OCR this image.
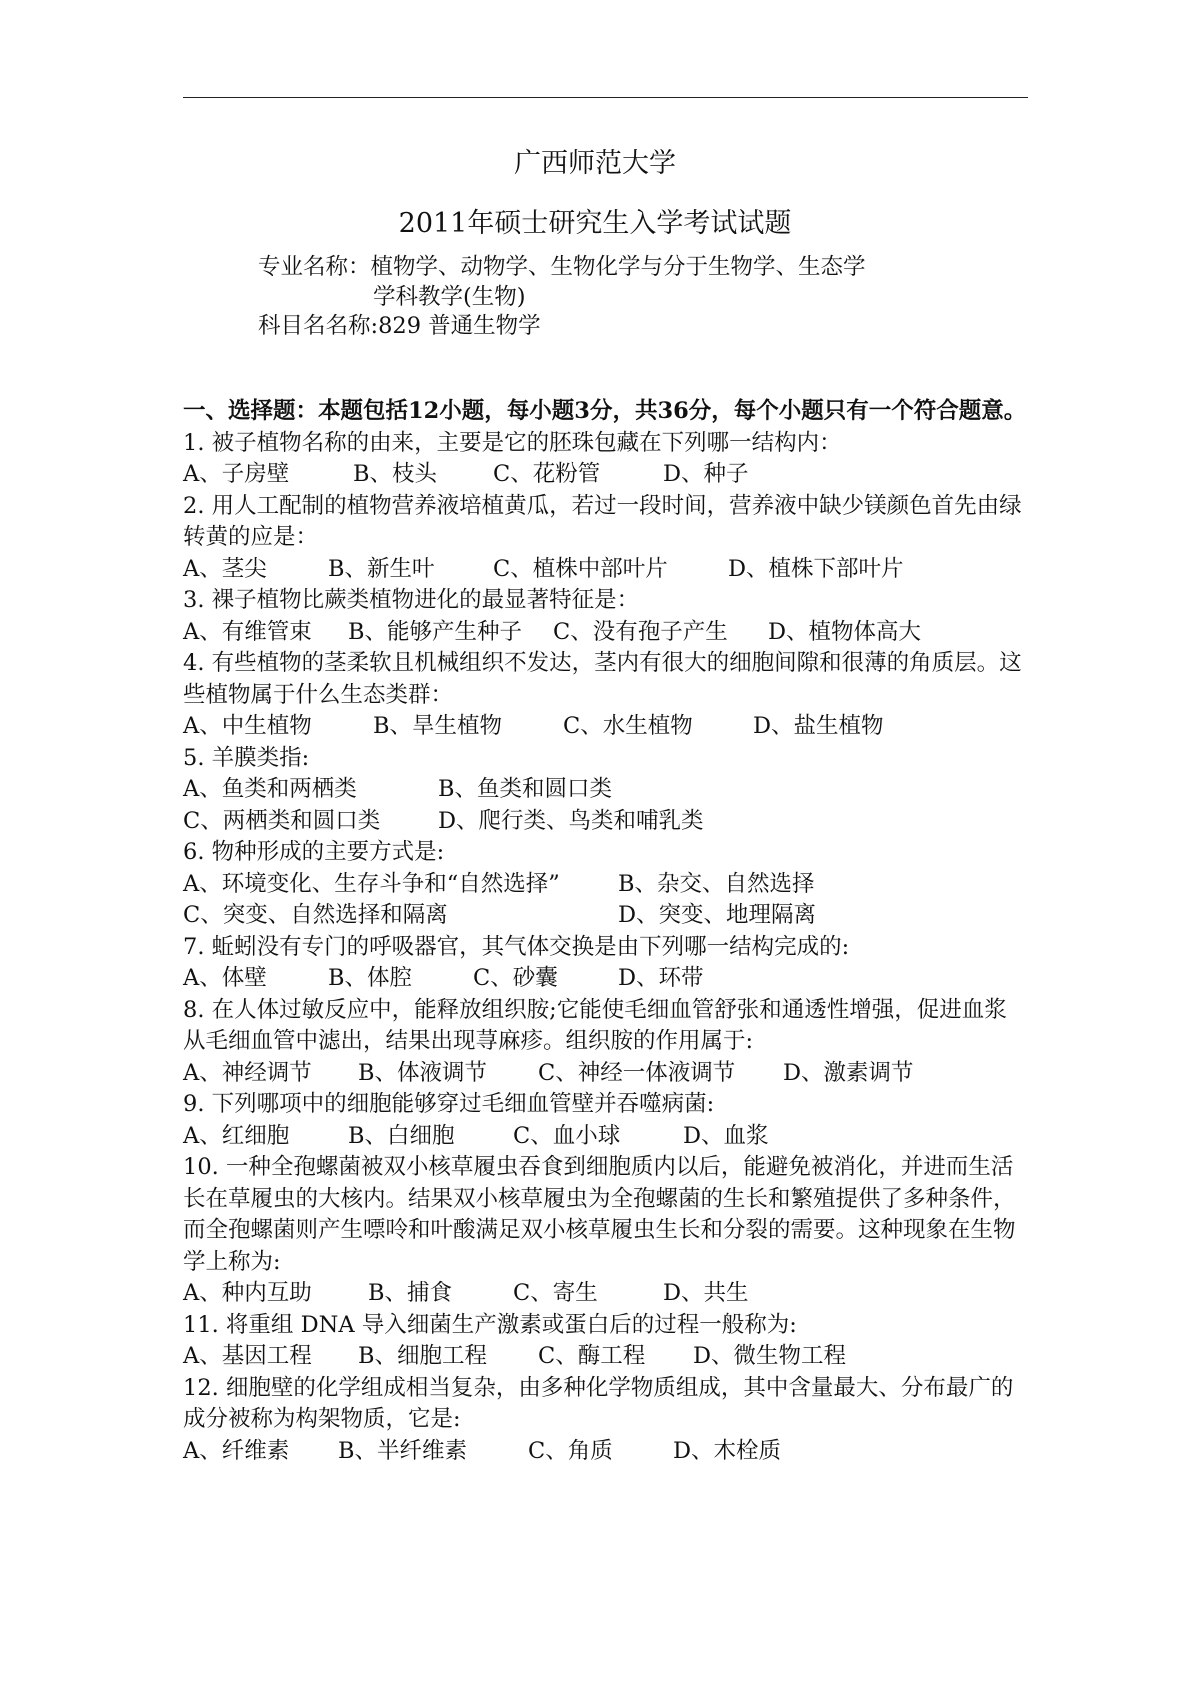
广西师范大学
2011年硕士研究生入学考试试题
专业名称：植物学、动物学、生物化学与分于生物学、生态学
学科教学(生物)
科目名名称:829 普通生物学
一、选择题：本题包括12小题，每小题3分，共36分，每个小题只有一个符合题意。
1. 被子植物名称的由来，主要是它的胚珠包藏在下列哪一结构内：
A、子房壁	B、枝头 C、花粉管	D、种子
2. 用人工配制的植物营养液培植黄瓜，若过一段时间，营养液中缺少镁颜色首先由绿转黄的应是：
A、茎尖	B、新生叶	C、植株中部叶片	D、植株下部叶片
3. 裸子植物比蕨类植物进化的最显著特征是：
A、有维管束 B、能够产生种子 C、没有孢子产生 D、植物体高大
4. 有些植物的茎柔软且机械组织不发达，茎内有很大的细胞间隙和很薄的角质层。这些植物属于什么生态类群：
A、中生植物	B、旱生植物	C、水生植物	D、盐生植物
5. 羊膜类指:
A、鱼类和两栖类	B、鱼类和圆口类
C、两栖类和圆口类	D、爬行类、鸟类和哺乳类
6. 物种形成的主要方式是:
A、环境变化、生存斗争和“自然选择”	B、杂交、自然选择
C、突变、自然选择和隔离	D、突变、地理隔离
7. 蚯蚓没有专门的呼吸器官，其气体交换是由下列哪一结构完成的:
A、体壁	B、体腔	C、砂囊	D、环带
8. 在人体过敏反应中，能释放组织胺;它能使毛细血管舒张和通透性增强，促进血浆从毛细血管中滤出，结果出现荨麻疹。组织胺的作用属于:
A、神经调节 B、体液调节 C、神经一体液调节 D、激素调节
9. 下列哪项中的细胞能够穿过毛细血管壁并吞噬病菌:
A、红细胞	B、白细胞	C、血小球	D、血浆
10. 一种全孢螺菌被双小核草履虫吞食到细胞质内以后，能避免被消化，并进而生活长在草履虫的大核内。结果双小核草履虫为全孢螺菌的生长和繁殖提供了多种条件，而全孢螺菌则产生嘌呤和叶酸满足双小核草履虫生长和分裂的需要。这种现象在生物学上称为:
A、种内互助	B、捕食	C、寄生	D、共生
11. 将重组 DNA 导入细菌生产激素或蛋白后的过程一般称为:
A、基因工程 B、细胞工程 C、酶工程 D、微生物工程
12. 细胞壁的化学组成相当复杂，由多种化学物质组成，其中含量最大、分布最广的成分被称为构架物质，它是:
A、纤维素 B、半纤维素	C、角质	D、木栓质
